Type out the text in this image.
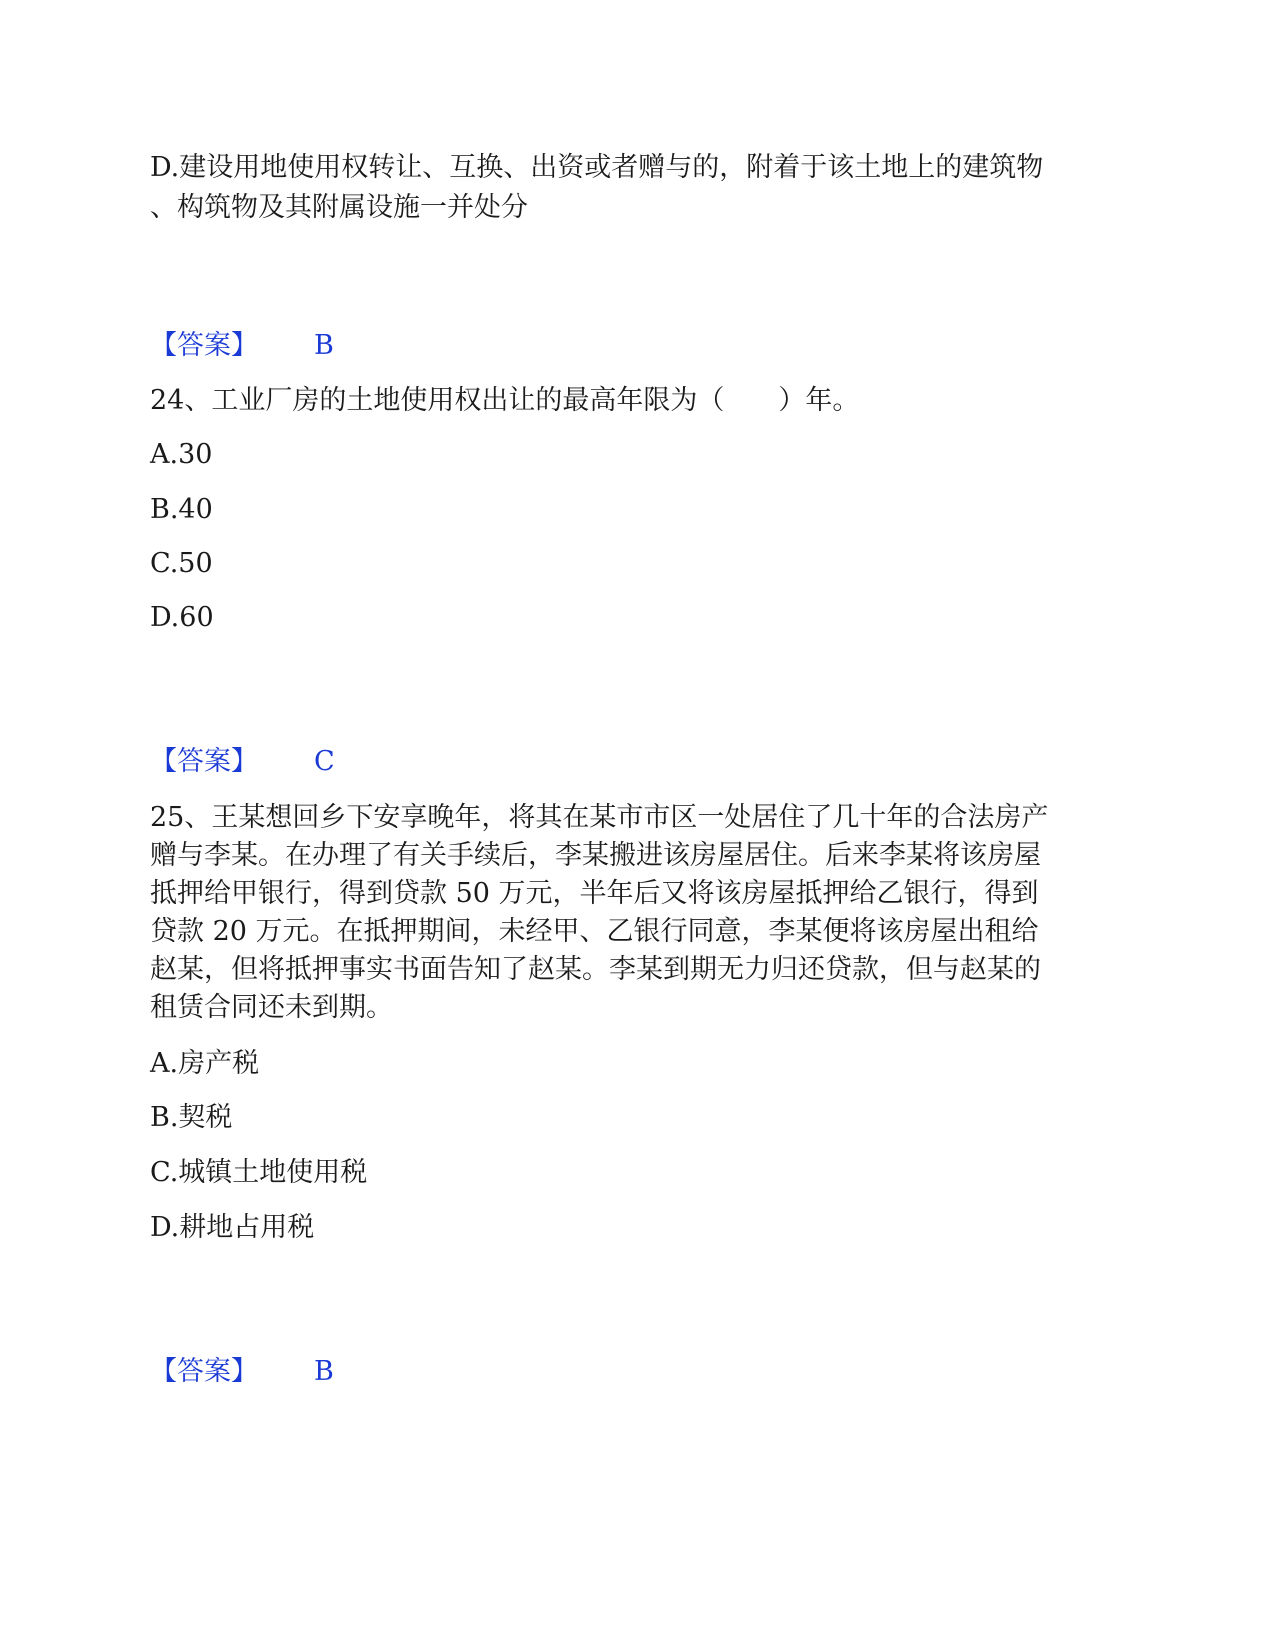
D.建设用地使用权转让、互换、出资或者赠与的，附着于该土地上的建筑物

、构筑物及其附属设施一并处分

【答案】 B

24、工业厂房的土地使用权出让的最高年限为（　　）年。

A.30

B.40

C.50

D.60

【答案】 C

25、王某想回乡下安享晚年，将其在某市市区一处居住了几十年的合法房产

赠与李某。在办理了有关手续后，李某搬进该房屋居住。后来李某将该房屋

抵押给甲银行，得到贷款 50 万元，半年后又将该房屋抵押给乙银行，得到

贷款 20 万元。在抵押期间，未经甲、乙银行同意，李某便将该房屋出租给

赵某，但将抵押事实书面告知了赵某。李某到期无力归还贷款，但与赵某的

租赁合同还未到期。

A.房产税

B.契税

C.城镇土地使用税

D.耕地占用税

【答案】 B
